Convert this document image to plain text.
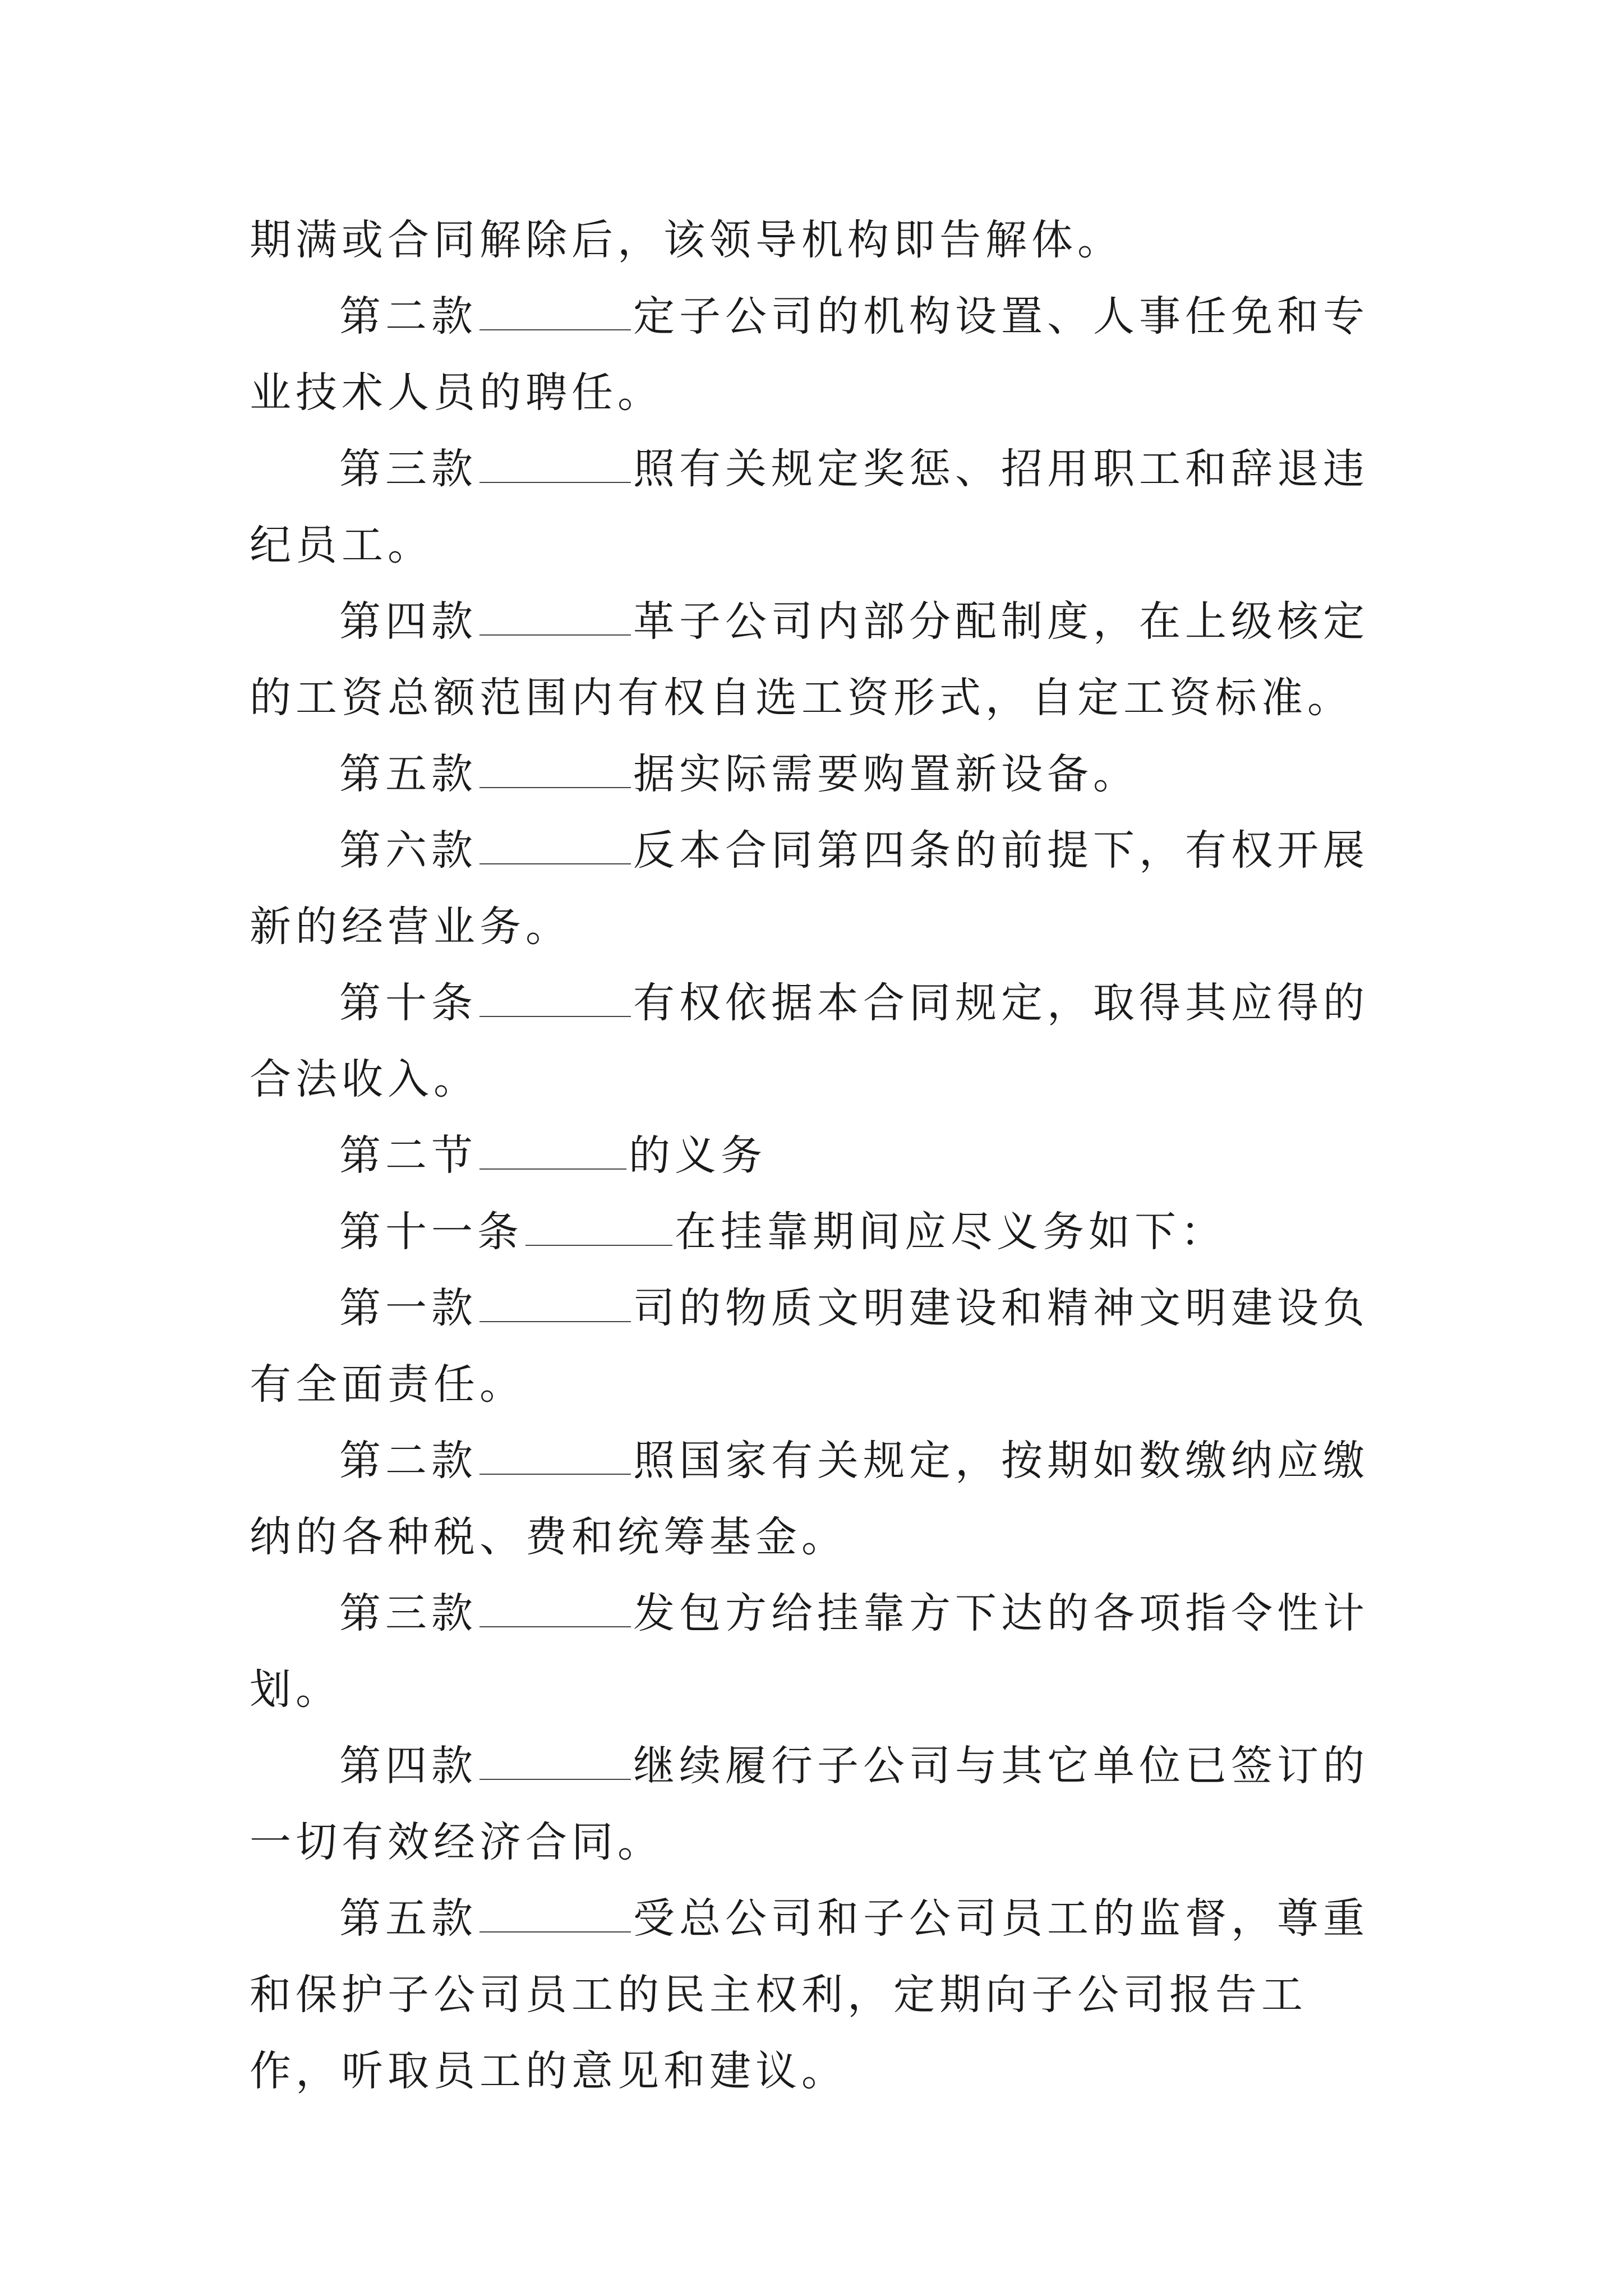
期满或合同解除后，该领导机构即告解体。

第二款	定子公司的机构设置、人事任免和专业技术人员的聘任。

第三款	照有关规定奖惩、招用职工和辞退违纪员工。

第四款	革子公司内部分配制度，在上级核定的工资总额范围内有权自选工资形式，自定工资标准。

第五款	据实际需要购置新设备。

第六款	反本合同第四条的前提下，有权开展新的经营业务。

第十条	有权依据本合同规定，取得其应得的合法收入。

第二节	的义务

第十一条	在挂靠期间应尽义务如下：

第一款	司的物质文明建设和精神文明建设负有全面责任。

第二款	照国家有关规定，按期如数缴纳应缴纳的各种税、费和统筹基金。

第三款	发包方给挂靠方下达的各项指令性计划。

第四款	继续履行子公司与其它单位已签订的一切有效经济合同。

第五款	受总公司和子公司员工的监督，尊重和保护子公司员工的民主权利，定期向子公司报告工作，听取员工的意见和建议。
